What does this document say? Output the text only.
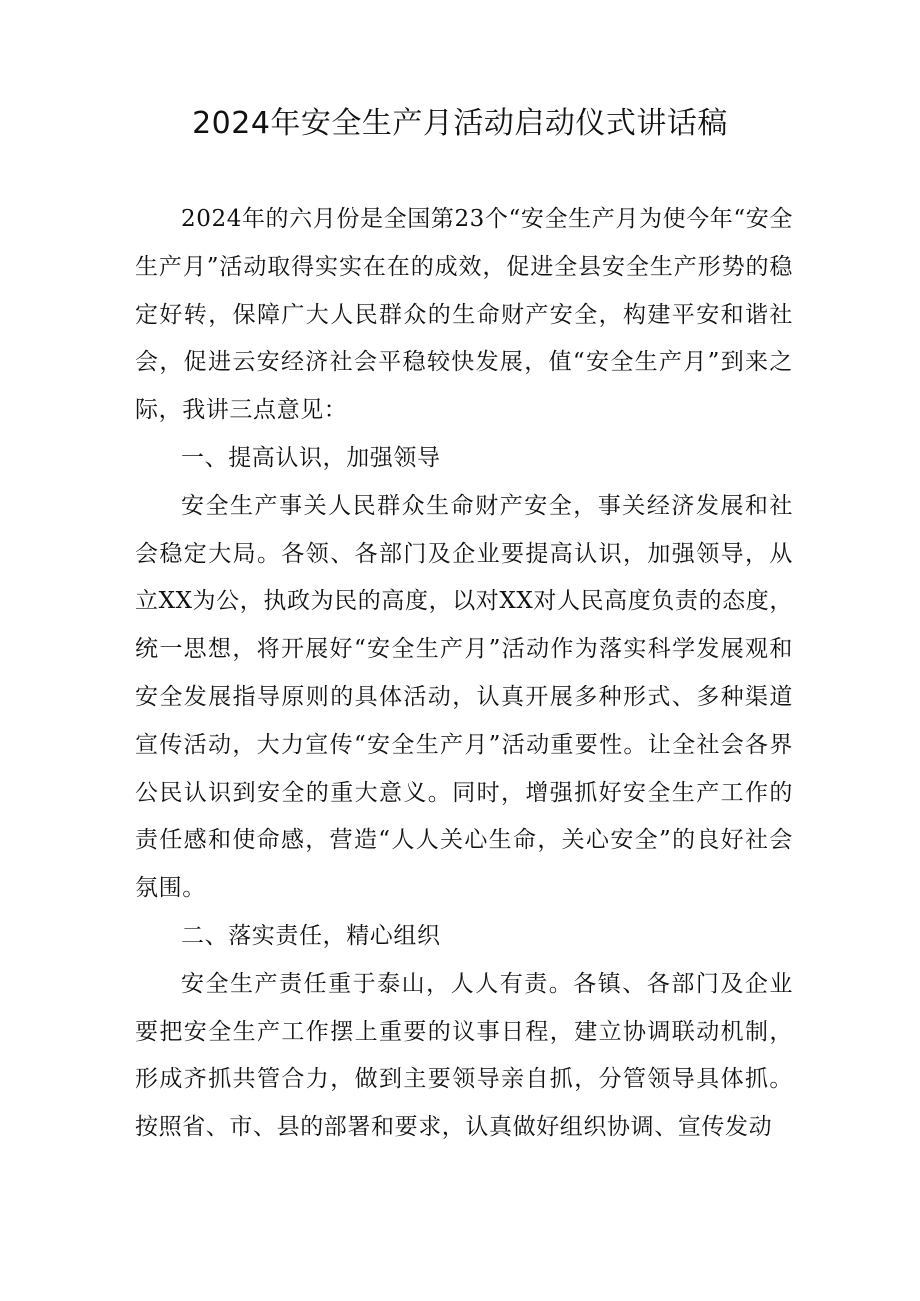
2024年安全生产月活动启动仪式讲话稿

2024年的六月份是全国第23个“安全生产月为使今年“安全生产月”活动取得实实在在的成效，促进全县安全生产形势的稳定好转，保障广大人民群众的生命财产安全，构建平安和谐社会，促进云安经济社会平稳较快发展，值“安全生产月”到来之际，我讲三点意见：

一、提高认识，加强领导

安全生产事关人民群众生命财产安全，事关经济发展和社会稳定大局。各领、各部门及企业要提高认识，加强领导，从立XX为公，执政为民的高度，以对XX对人民高度负责的态度，统一思想，将开展好“安全生产月”活动作为落实科学发展观和安全发展指导原则的具体活动，认真开展多种形式、多种渠道宣传活动，大力宣传“安全生产月”活动重要性。让全社会各界公民认识到安全的重大意义。同时，增强抓好安全生产工作的责任感和使命感，营造“人人关心生命，关心安全”的良好社会氛围。

二、落实责任，精心组织

安全生产责任重于泰山，人人有责。各镇、各部门及企业要把安全生产工作摆上重要的议事日程，建立协调联动机制，形成齐抓共管合力，做到主要领导亲自抓，分管领导具体抓。按照省、市、县的部署和要求，认真做好组织协调、宣传发动
